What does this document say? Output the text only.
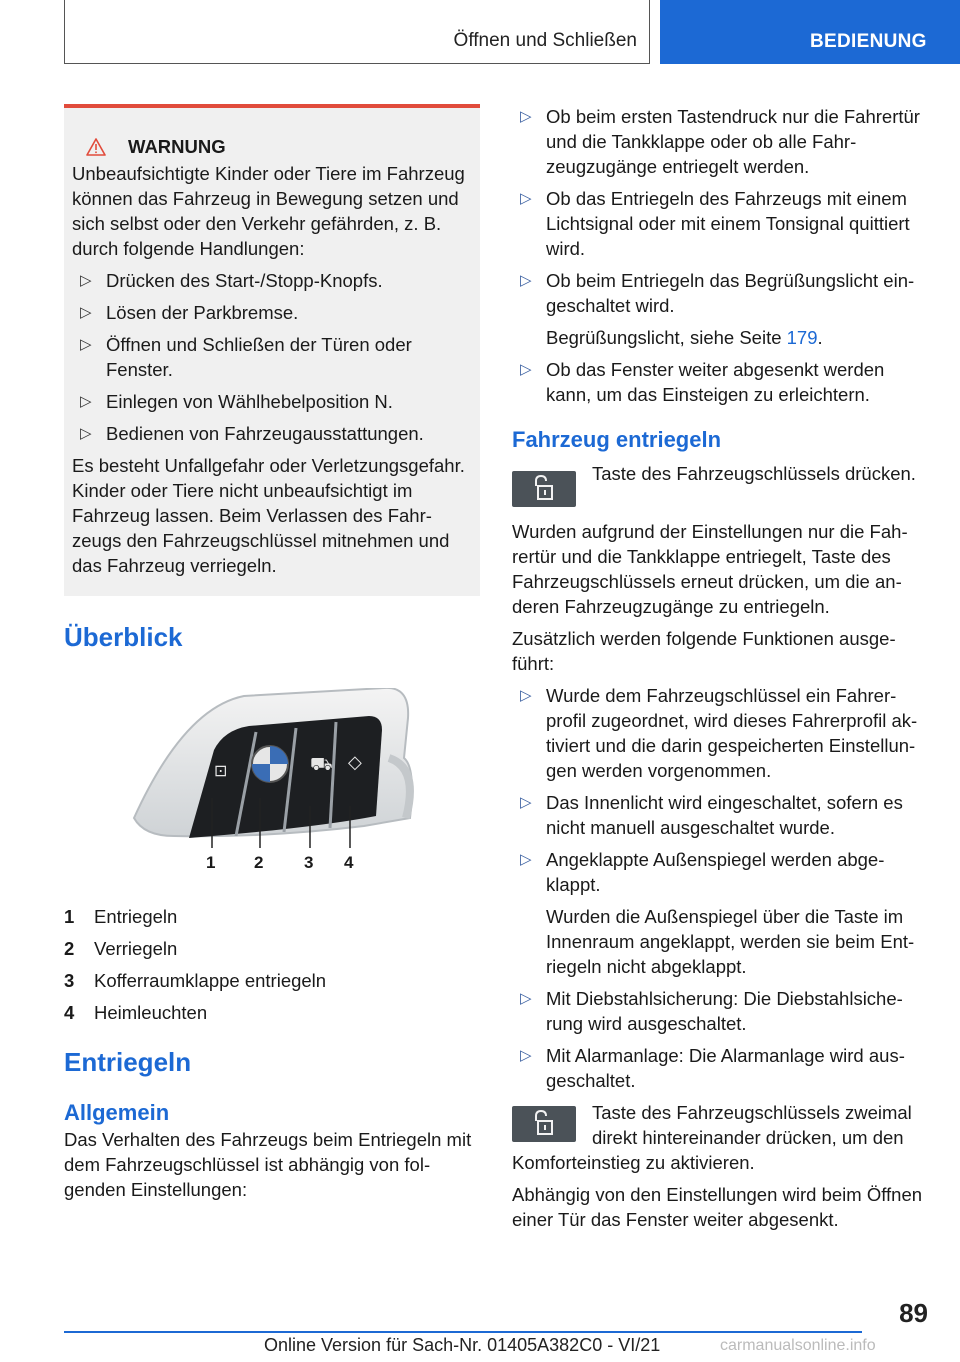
Öffnen und Schließen	BEDIENUNG
WARNUNG

Unbeaufsichtigte Kinder oder Tiere im Fahrzeug können das Fahrzeug in Bewegung setzen und sich selbst oder den Verkehr gefährden, z. B. durch folgende Handlungen:

▷ Drücken des Start-/Stopp-Knopfs.
▷ Lösen der Parkbremse.
▷ Öffnen und Schließen der Türen oder Fenster.
▷ Einlegen von Wählhebelposition N.
▷ Bedienen von Fahrzeugausstattungen.

Es besteht Unfallgefahr oder Verletzungsgefahr. Kinder oder Tiere nicht unbeaufsichtigt im Fahrzeug lassen. Beim Verlassen des Fahrzeugs den Fahrzeugschlüssel mitnehmen und das Fahrzeug verriegeln.

Überblick
⊡	⛟ ◇
1 2 3 4
1	Entriegeln
2	Verriegeln
3	Kofferraumklappe entriegeln
4	Heimleuchten
Entriegeln
Allgemein

Das Verhalten des Fahrzeugs beim Entriegeln mit dem Fahrzeugschlüssel ist abhängig von folgenden Einstellungen:

▷ Ob beim ersten Tastendruck nur die Fahrertür und die Tankklappe oder ob alle Fahrzeugzugänge entriegelt werden.
▷ Ob das Entriegeln des Fahrzeugs mit einem Lichtsignal oder mit einem Tonsignal quittiert wird.
▷ Ob beim Entriegeln das Begrüßungslicht eingeschaltet wird.
Begrüßungslicht, siehe Seite 179.
▷ Ob das Fenster weiter abgesenkt werden kann, um das Einsteigen zu erleichtern.
Fahrzeug entriegeln

Taste des Fahrzeugschlüssels drücken.

Wurden aufgrund der Einstellungen nur die Fahrertür und die Tankklappe entriegelt, Taste des Fahrzeugschlüssels erneut drücken, um die anderen Fahrzeugzugänge zu entriegeln.

Zusätzlich werden folgende Funktionen ausgeführt:

▷ Wurde dem Fahrzeugschlüssel ein Fahrerprofil zugeordnet, wird dieses Fahrerprofil aktiviert und die darin gespeicherten Einstellungen werden vorgenommen.
▷ Das Innenlicht wird eingeschaltet, sofern es nicht manuell ausgeschaltet wurde.
▷ Angeklappte Außenspiegel werden abgeklappt.
Wurden die Außenspiegel über die Taste im Innenraum angeklappt, werden sie beim Entriegeln nicht abgeklappt.
▷ Mit Diebstahlsicherung: Die Diebstahlsicherung wird ausgeschaltet.
▷ Mit Alarmanlage: Die Alarmanlage wird ausgeschaltet.

Taste des Fahrzeugschlüssels zweimal direkt hintereinander drücken, um den Komforteinstieg zu aktivieren.

Abhängig von den Einstellungen wird beim Öffnen einer Tür das Fenster weiter abgesenkt.

89
Online Version für Sach-Nr. 01405A382C0 - VI/21	carmanualsonline.info
